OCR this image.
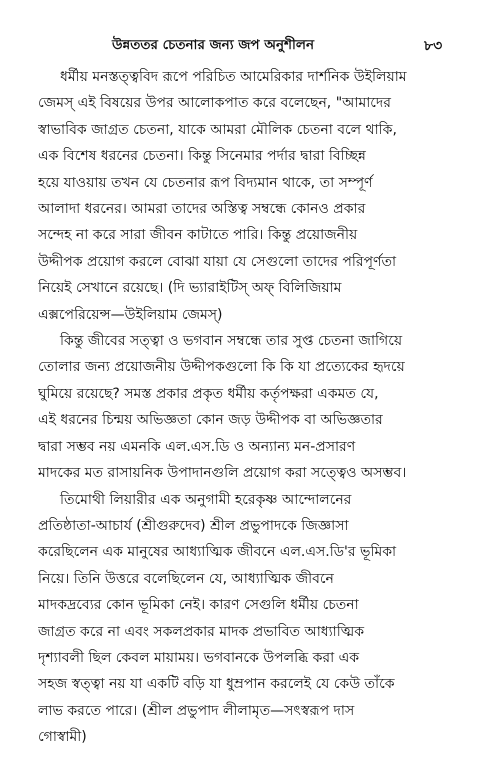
উন্নততর চেতনার জন্য জপ অনুশীলন	৮৩
ধর্মীয় মনস্তত্ত্ববিদ রূপে পরিচিত আমেরিকার দার্শনিক উইলিয়াম
জেমস্ এই বিষয়ের উপর আলোকপাত করে বলেছেন, "আমাদের
স্বাভাবিক জাগ্রত চেতনা, যাকে আমরা মৌলিক চেতনা বলে থাকি,
এক বিশেষ ধরনের চেতনা। কিন্তু সিনেমার পর্দার দ্বারা বিচ্ছিন্ন
হয়ে যাওয়ায় তখন যে চেতনার রূপ বিদ্যমান থাকে, তা সম্পূর্ণ
আলাদা ধরনের। আমরা তাদের অস্তিত্ব সম্বন্ধে কোনও প্রকার
সন্দেহ না করে সারা জীবন কাটাতে পারি। কিন্তু প্রয়োজনীয়
উদ্দীপক প্রয়োগ করলে বোঝা যায়া যে সেগুলো তাদের পরিপূর্ণতা
নিয়েই সেখানে রয়েছে। (দি ভ্যারাইটিস্ অফ্ বিলিজিয়াম
এক্সপেরিয়েন্স—উইলিয়াম জেমস্)
কিন্তু জীবের সত্ত্বা ও ভগবান সম্বন্ধে তার সুপ্ত চেতনা জাগিয়ে
তোলার জন্য প্রয়োজনীয় উদ্দীপকগুলো কি কি যা প্রত্যেকের হৃদয়ে
ঘুমিয়ে রয়েছে? সমস্ত প্রকার প্রকৃত ধর্মীয় কর্তৃপক্ষরা একমত যে,
এই ধরনের চিন্ময় অভিজ্ঞতা কোন জড় উদ্দীপক বা অভিজ্ঞতার
দ্বারা সম্ভব নয় এমনকি এল.এস.ডি ও অন্যান্য মন-প্রসারণ
মাদকের মত রাসায়নিক উপাদানগুলি প্রয়োগ করা সত্ত্বেও অসম্ভব।
তিমোথী লিয়ারীর এক অনুগামী হরেকৃষ্ণ আন্দোলনের
প্রতিষ্ঠাতা-আচার্য (শ্রীগুরুদেব) শ্রীল প্রভুপাদকে জিজ্ঞাসা
করেছিলেন এক মানুষের আধ্যাত্মিক জীবনে এল.এস.ডি'র ভূমিকা
নিয়ে। তিনি উত্তরে বলেছিলেন যে, আধ্যাত্মিক জীবনে
মাদকদ্রব্যের কোন ভূমিকা নেই। কারণ সেগুলি ধর্মীয় চেতনা
জাগ্রত করে না এবং সকলপ্রকার মাদক প্রভাবিত আধ্যাত্মিক
দৃশ্যাবলী ছিল কেবল মায়াময়। ভগবানকে উপলব্ধি করা এক
সহজ স্বত্ত্বা নয় যা একটি বড়ি যা ধুম্রপান করলেই যে কেউ তাঁকে
লাভ করতে পারে। (শ্রীল প্রভুপাদ লীলামৃত—সৎস্বরূপ দাস
গোস্বামী)
